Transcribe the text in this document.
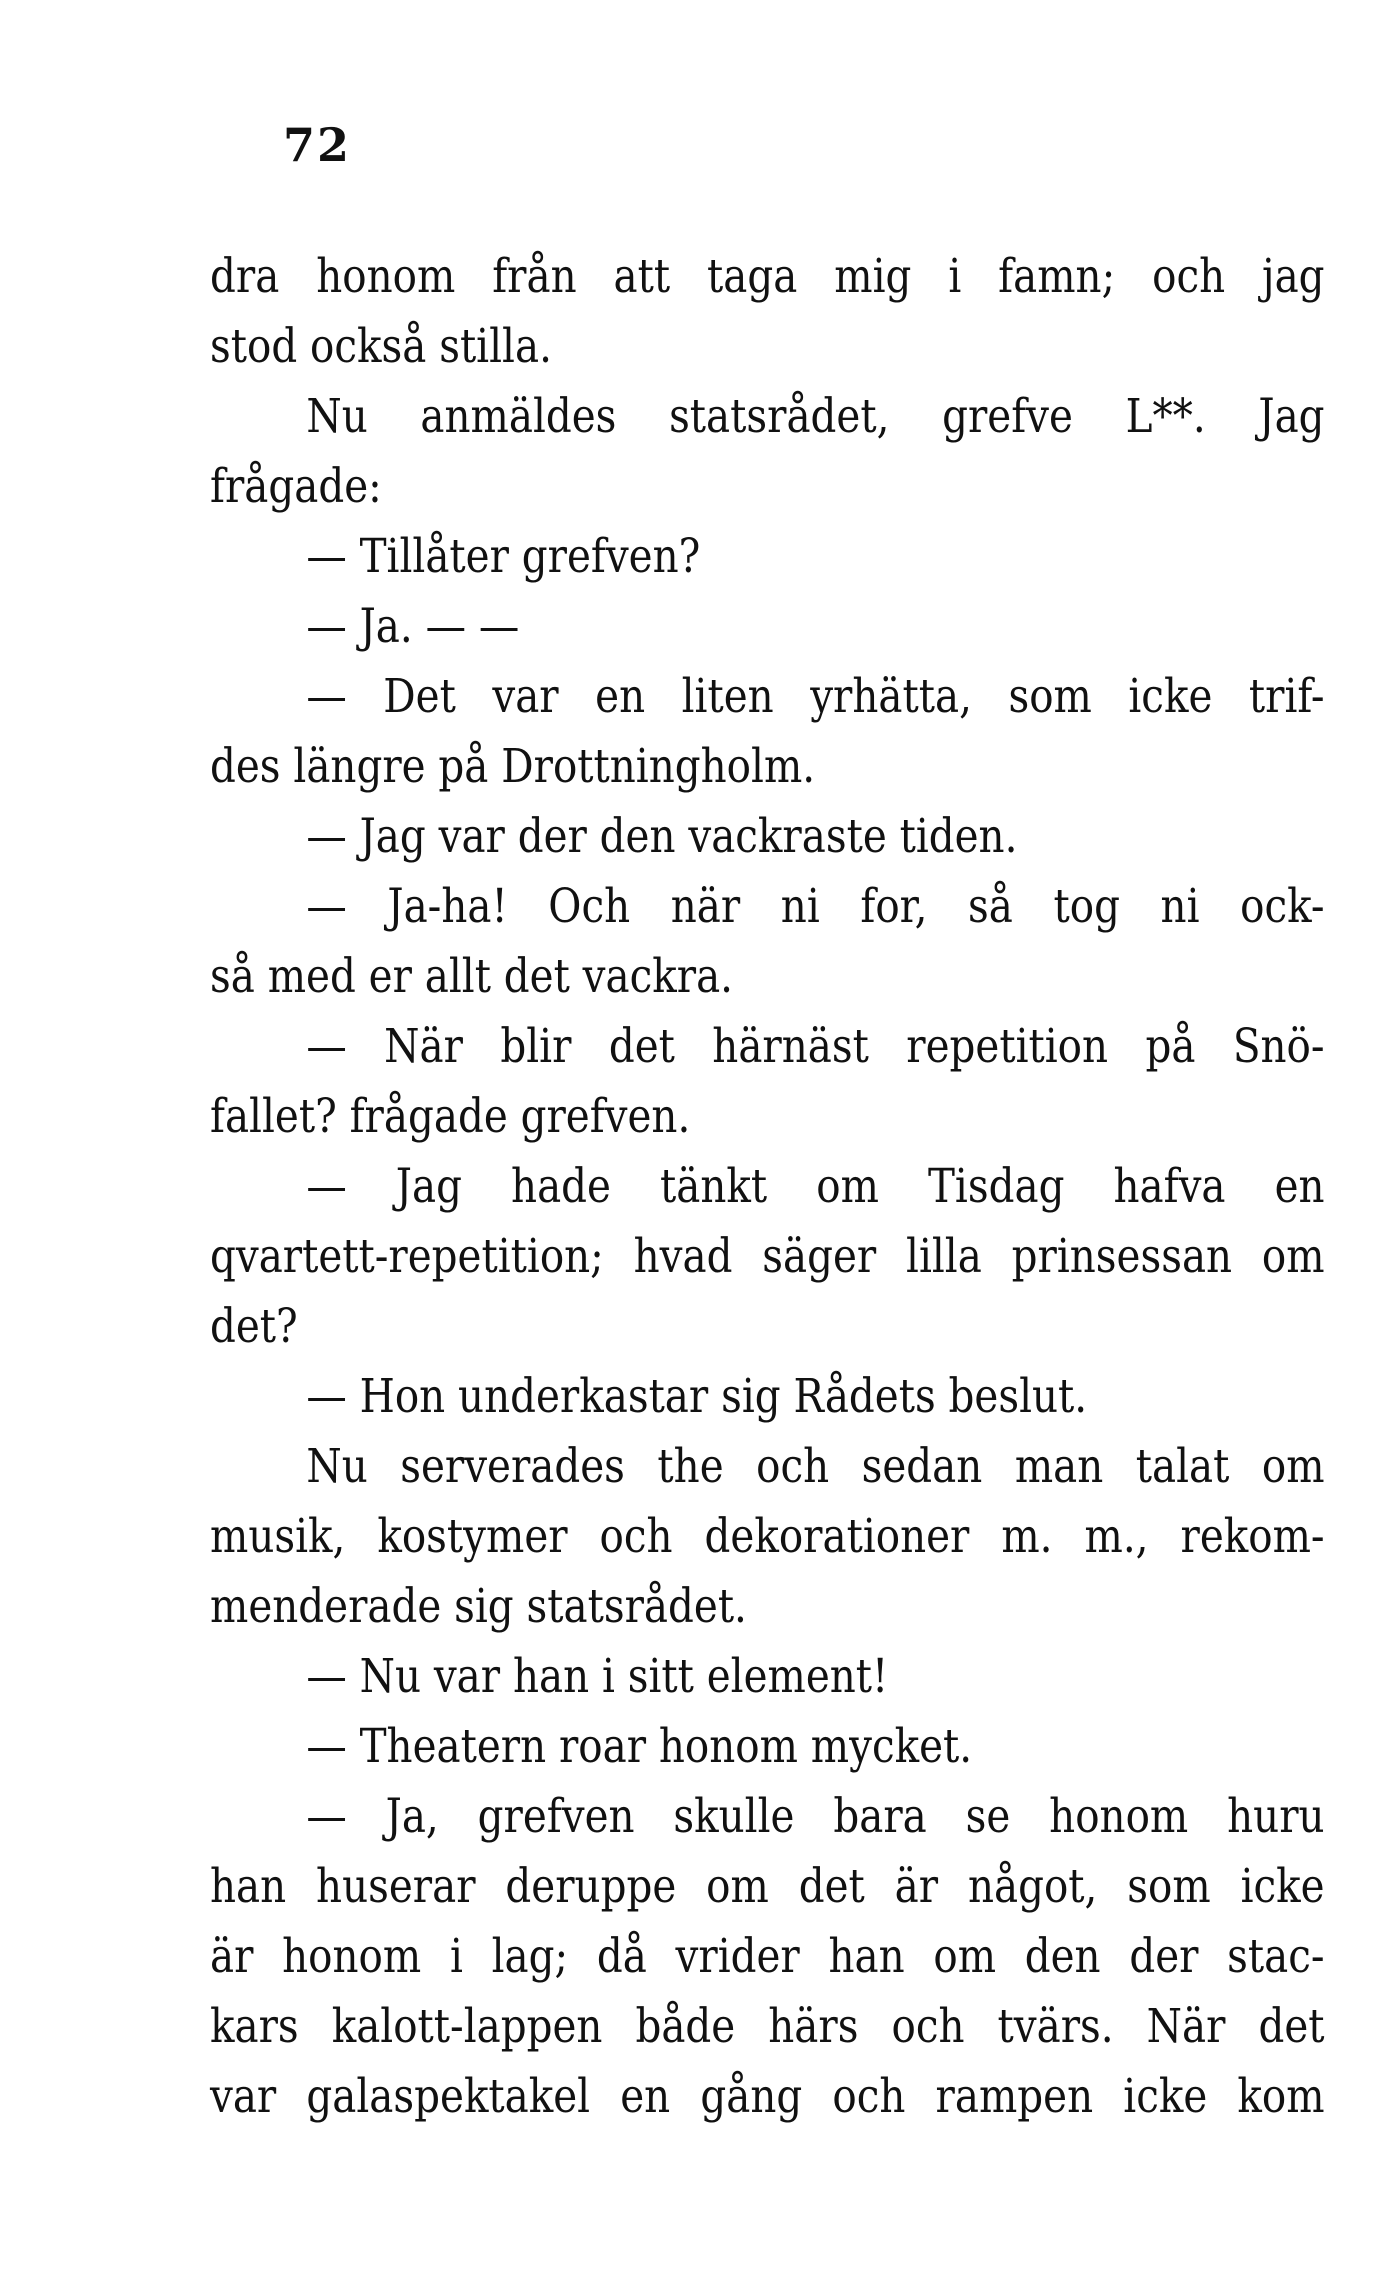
72
dra honom från att taga mig i famn; och jag
stod också stilla.
Nu anmäldes statsrådet, grefve L**. Jag
frågade:
— Tillåter grefven?
— Ja. — —
— Det var en liten yrhätta, som icke trif-
des längre på Drottningholm.
— Jag var der den vackraste tiden.
— Ja-ha! Och när ni for, så tog ni ock-
så med er allt det vackra.
— När blir det härnäst repetition på Snö-
fallet? frågade grefven.
— Jag hade tänkt om Tisdag hafva en
qvartett-repetition; hvad säger lilla prinsessan om
det?
— Hon underkastar sig Rådets beslut.
Nu serverades the och sedan man talat om
musik, kostymer och dekorationer m. m., rekom-
menderade sig statsrådet.
— Nu var han i sitt element!
— Theatern roar honom mycket.
— Ja, grefven skulle bara se honom huru
han huserar deruppe om det är något, som icke
är honom i lag; då vrider han om den der stac-
kars kalott-lappen både härs och tvärs. När det
var galaspektakel en gång och rampen icke kom
